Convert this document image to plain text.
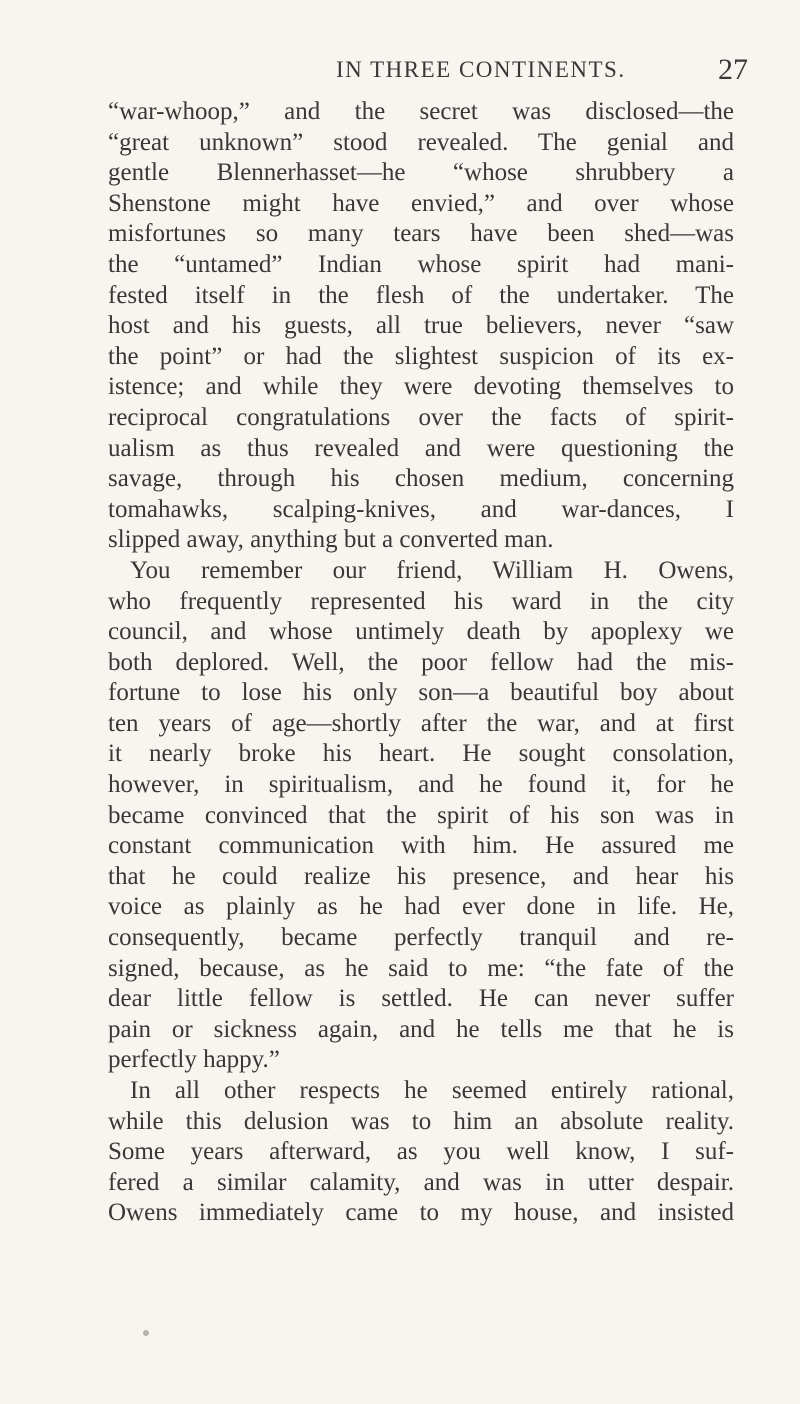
IN THREE CONTINENTS.	27
“war-whoop,” and the secret was disclosed—the
“great unknown” stood revealed. The genial and
gentle Blennerhasset—he “whose shrubbery a
Shenstone might have envied,” and over whose
misfortunes so many tears have been shed—was
the “untamed” Indian whose spirit had mani-
fested itself in the flesh of the undertaker. The
host and his guests, all true believers, never “saw
the point” or had the slightest suspicion of its ex-
istence; and while they were devoting themselves to
reciprocal congratulations over the facts of spirit-
ualism as thus revealed and were questioning the
savage, through his chosen medium, concerning
tomahawks, scalping-knives, and war-dances, I
slipped away, anything but a converted man.
You remember our friend, William H. Owens,
who frequently represented his ward in the city
council, and whose untimely death by apoplexy we
both deplored. Well, the poor fellow had the mis-
fortune to lose his only son—a beautiful boy about
ten years of age—shortly after the war, and at first
it nearly broke his heart. He sought consolation,
however, in spiritualism, and he found it, for he
became convinced that the spirit of his son was in
constant communication with him. He assured me
that he could realize his presence, and hear his
voice as plainly as he had ever done in life. He,
consequently, became perfectly tranquil and re-
signed, because, as he said to me: “the fate of the
dear little fellow is settled. He can never suffer
pain or sickness again, and he tells me that he is
perfectly happy.”
In all other respects he seemed entirely rational,
while this delusion was to him an absolute reality.
Some years afterward, as you well know, I suf-
fered a similar calamity, and was in utter despair.
Owens immediately came to my house, and insisted
